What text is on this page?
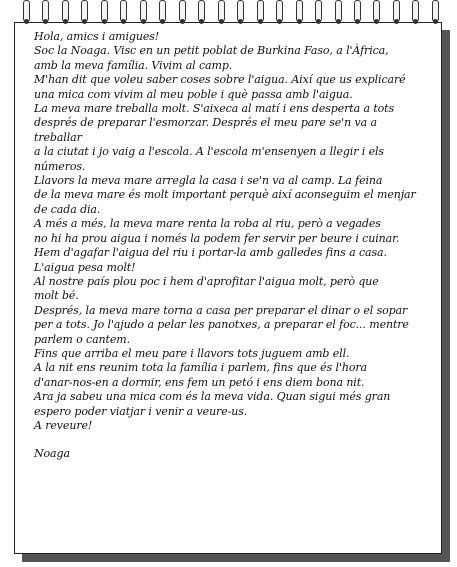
Hola, amics i amigues!

Soc la Noaga. Visc en un petit poblat de Burkina Faso, a l'Àfrica,

amb la meva família. Vivim al camp.

M'han dit que voleu saber coses sobre l'aigua. Així que us explicaré

una mica com vivim al meu poble i què passa amb l'aigua.

La meva mare treballa molt. S'aixeca al matí i ens desperta a tots

després de preparar l'esmorzar. Després el meu pare se'n va a treballar

a la ciutat i jo vaig a l'escola. A l'escola m'ensenyen a llegir i els

números.

Llavors la meva mare arregla la casa i se'n va al camp. La feina

de la meva mare és molt important perquè així aconseguim el menjar

de cada dia.

A més a més, la meva mare renta la roba al riu, però a vegades

no hi ha prou aigua i només la podem fer servir per beure i cuinar.

Hem d'agafar l'aigua del riu i portar-la amb galledes fins a casa.

L'aigua pesa molt!

Al nostre país plou poc i hem d'aprofitar l'aigua molt, però que

molt bé.

Després, la meva mare torna a casa per preparar el dinar o el sopar

per a tots. Jo l'ajudo a pelar les panotxes, a preparar el foc... mentre

parlem o cantem.

Fins que arriba el meu pare i llavors tots juguem amb ell.

A la nit ens reunim tota la família i parlem, fins que és l'hora

d'anar-nos-en a dormir, ens fem un petó i ens diem bona nit.

Ara ja sabeu una mica com és la meva vida. Quan sigui més gran

espero poder viatjar i venir a veure-us.

A reveure!

Noaga
